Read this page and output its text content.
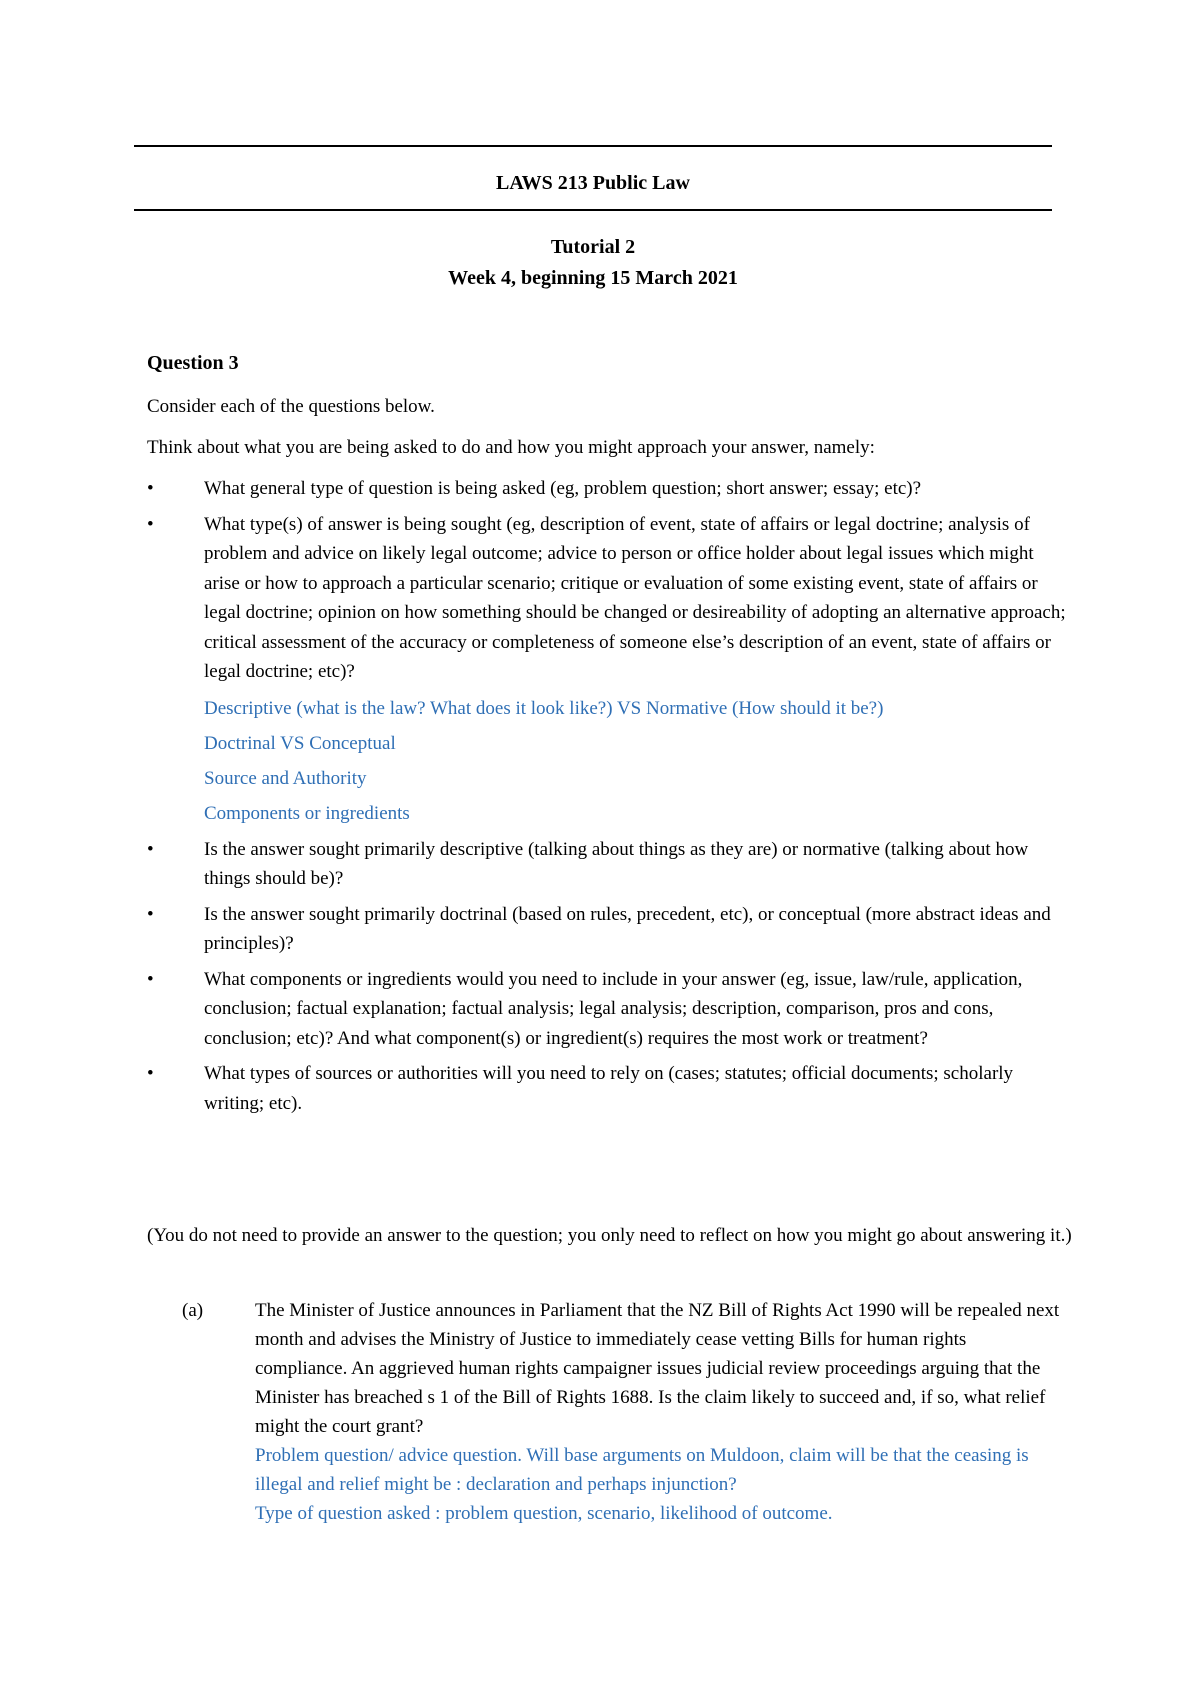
LAWS 213 Public Law
Tutorial 2
Week 4, beginning 15 March 2021
Question 3
Consider each of the questions below.
Think about what you are being asked to do and how you might approach your answer, namely:
•	What general type of question is being asked (eg, problem question; short answer; essay; etc)?
•	What type(s) of answer is being sought (eg, description of event, state of affairs or legal doctrine; analysis of problem and advice on likely legal outcome; advice to person or office holder about legal issues which might arise or how to approach a particular scenario; critique or evaluation of some existing event, state of affairs or legal doctrine; opinion on how something should be changed or desireability of adopting an alternative approach; critical assessment of the accuracy or completeness of someone else’s description of an event, state of affairs or legal doctrine; etc)?
Descriptive (what is the law? What does it look like?) VS Normative (How should it be?)
Doctrinal VS Conceptual
Source and Authority
Components or ingredients
•	Is the answer sought primarily descriptive (talking about things as they are) or normative (talking about how things should be)?
•	Is the answer sought primarily doctrinal (based on rules, precedent, etc), or conceptual (more abstract ideas and principles)?
•	What components or ingredients would you need to include in your answer (eg, issue, law/rule, application, conclusion; factual explanation; factual analysis; legal analysis; description, comparison, pros and cons, conclusion; etc)? And what component(s) or ingredient(s) requires the most work or treatment?
•	What types of sources or authorities will you need to rely on (cases; statutes; official documents; scholarly writing; etc).
(You do not need to provide an answer to the question; you only need to reflect on how you might go about answering it.)
(a)	The Minister of Justice announces in Parliament that the NZ Bill of Rights Act 1990 will be repealed next month and advises the Ministry of Justice to immediately cease vetting Bills for human rights compliance. An aggrieved human rights campaigner issues judicial review proceedings arguing that the Minister has breached s 1 of the Bill of Rights 1688. Is the claim likely to succeed and, if so, what relief might the court grant?
Problem question/ advice question. Will base arguments on Muldoon, claim will be that the ceasing is illegal and relief might be : declaration and perhaps injunction?
Type of question asked : problem question, scenario, likelihood of outcome.
